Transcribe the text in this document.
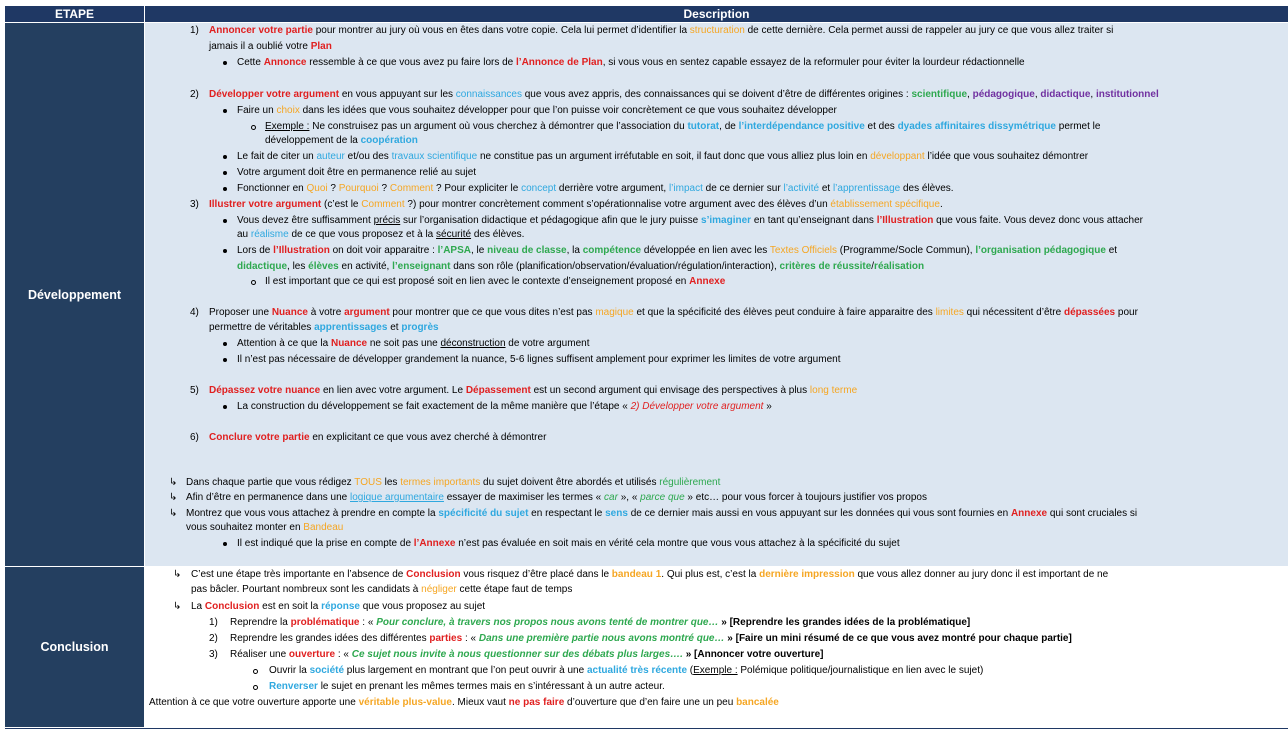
ETAPE	Description
Développement
1) Annoncer votre partie pour montrer au jury où vous en êtes dans votre copie. Cela lui permet d’identifier la structuration de cette dernière. Cela permet aussi de rappeler au jury ce que vous allez traiter si
jamais il a oublié votre Plan
Cette Annonce ressemble à ce que vous avez pu faire lors de l’Annonce de Plan, si vous vous en sentez capable essayez de la reformuler pour éviter la lourdeur rédactionnelle
2) Développer votre argument en vous appuyant sur les connaissances que vous avez appris, des connaissances qui se doivent d’être de différentes origines : scientifique, pédagogique, didactique, institutionnel
Faire un choix dans les idées que vous souhaitez développer pour que l’on puisse voir concrètement ce que vous souhaitez développer
Exemple : Ne construisez pas un argument où vous cherchez à démontrer que l’association du tutorat, de l’interdépendance positive et des dyades affinitaires dissymétrique permet le
développement de la coopération
Le fait de citer un auteur et/ou des travaux scientifique ne constitue pas un argument irréfutable en soit, il faut donc que vous alliez plus loin en développant l’idée que vous souhaitez démontrer
Votre argument doit être en permanence relié au sujet
Fonctionner en Quoi ? Pourquoi ? Comment ? Pour expliciter le concept derrière votre argument, l’impact de ce dernier sur l’activité et l’apprentissage des élèves.
3) Illustrer votre argument (c’est le Comment ?) pour montrer concrètement comment s’opérationnalise votre argument avec des élèves d’un établissement spécifique.
Vous devez être suffisamment précis sur l’organisation didactique et pédagogique afin que le jury puisse s’imaginer en tant qu’enseignant dans l’Illustration que vous faite. Vous devez donc vous attacher
au réalisme de ce que vous proposez et à la sécurité des élèves.
Lors de l’Illustration on doit voir apparaitre : l’APSA, le niveau de classe, la compétence développée en lien avec les Textes Officiels (Programme/Socle Commun), l’organisation pédagogique et
didactique, les élèves en activité, l’enseignant dans son rôle (planification/observation/évaluation/régulation/interaction), critères de réussite/réalisation
Il est important que ce qui est proposé soit en lien avec le contexte d’enseignement proposé en Annexe
4) Proposer une Nuance à votre argument pour montrer que ce que vous dites n’est pas magique et que la spécificité des élèves peut conduire à faire apparaitre des limites qui nécessitent d’être dépassées pour
permettre de véritables apprentissages et progrès
Attention à ce que la Nuance ne soit pas une déconstruction de votre argument
Il n’est pas nécessaire de développer grandement la nuance, 5-6 lignes suffisent amplement pour exprimer les limites de votre argument
5) Dépassez votre nuance en lien avec votre argument. Le Dépassement est un second argument qui envisage des perspectives à plus long terme
La construction du développement se fait exactement de la même manière que l’étape « 2) Développer votre argument »
6) Conclure votre partie en explicitant ce que vous avez cherché à démontrer
↳ Dans chaque partie que vous rédigez TOUS les termes importants du sujet doivent être abordés et utilisés régulièrement
↳ Afin d’être en permanence dans une logique argumentaire essayer de maximiser les termes « car », « parce que » etc… pour vous forcer à toujours justifier vos propos
↳ Montrez que vous vous attachez à prendre en compte la spécificité du sujet en respectant le sens de ce dernier mais aussi en vous appuyant sur les données qui vous sont fournies en Annexe qui sont cruciales si
vous souhaitez monter en Bandeau
Il est indiqué que la prise en compte de l’Annexe n’est pas évaluée en soit mais en vérité cela montre que vous vous attachez à la spécificité du sujet
Conclusion
↳ C’est une étape très importante en l’absence de Conclusion vous risquez d’être placé dans le bandeau 1. Qui plus est, c’est la dernière impression que vous allez donner au jury donc il est important de ne
pas bâcler. Pourtant nombreux sont les candidats à négliger cette étape faut de temps
↳ La Conclusion est en soit la réponse que vous proposez au sujet
1) Reprendre la problématique : « Pour conclure, à travers nos propos nous avons tenté de montrer que… » [Reprendre les grandes idées de la problématique]
2) Reprendre les grandes idées des différentes parties : « Dans une première partie nous avons montré que… » [Faire un mini résumé de ce que vous avez montré pour chaque partie]
3) Réaliser une ouverture : « Ce sujet nous invite à nous questionner sur des débats plus larges…. » [Annoncer votre ouverture]
Ouvrir la société plus largement en montrant que l’on peut ouvrir à une actualité très récente (Exemple : Polémique politique/journalistique en lien avec le sujet)
Renverser le sujet en prenant les mêmes termes mais en s’intéressant à un autre acteur.
Attention à ce que votre ouverture apporte une véritable plus-value. Mieux vaut ne pas faire d’ouverture que d’en faire une un peu bancalée
